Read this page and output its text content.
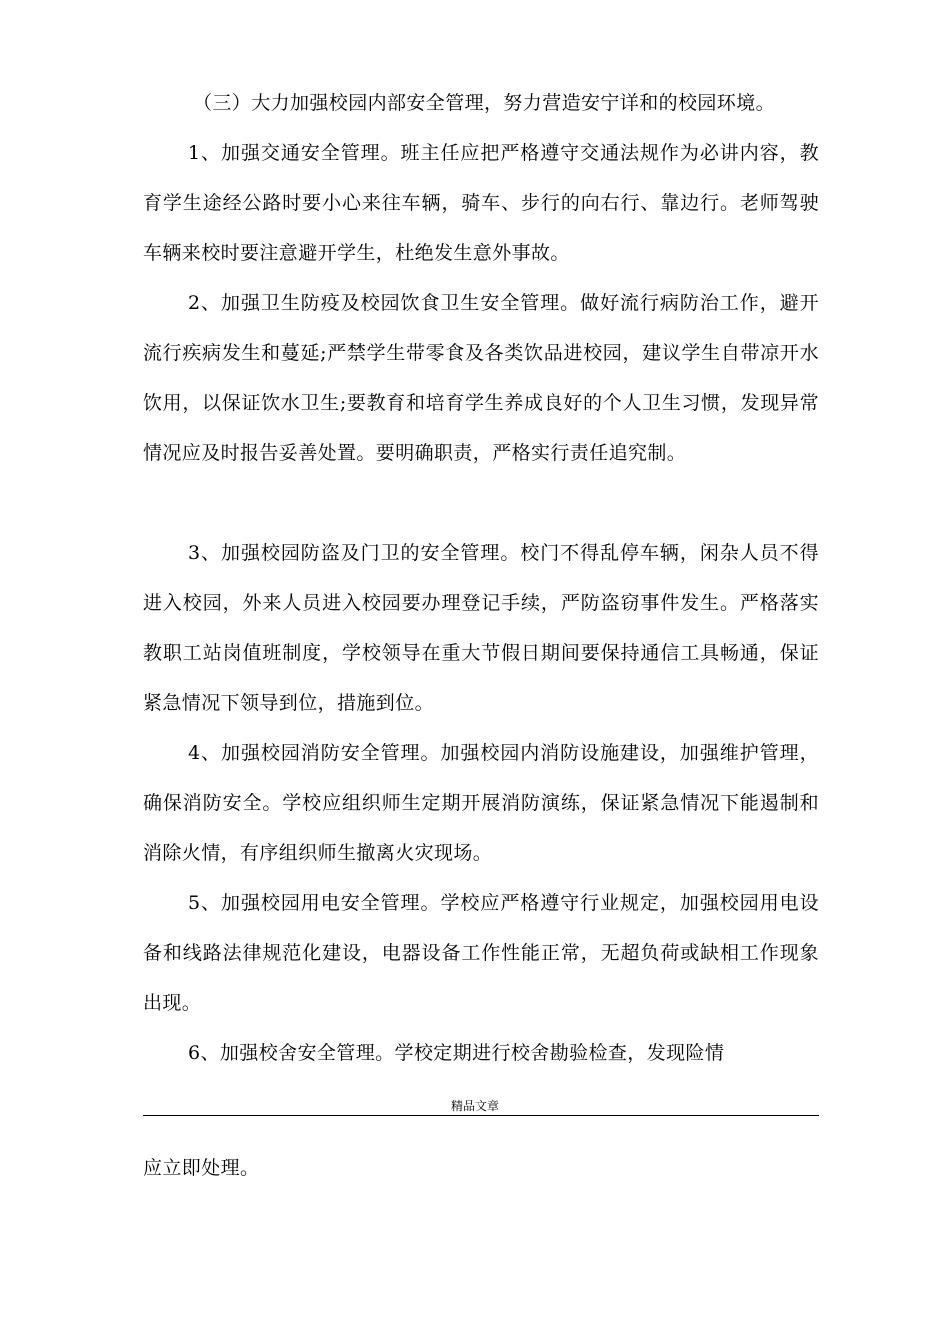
（三）大力加强校园内部安全管理，努力营造安宁详和的校园环境。

1、加强交通安全管理。班主任应把严格遵守交通法规作为必讲内容，教育学生途经公路时要小心来往车辆，骑车、步行的向右行、靠边行。老师驾驶车辆来校时要注意避开学生，杜绝发生意外事故。

2、加强卫生防疫及校园饮食卫生安全管理。做好流行病防治工作，避开流行疾病发生和蔓延;严禁学生带零食及各类饮品进校园，建议学生自带凉开水饮用，以保证饮水卫生;要教育和培育学生养成良好的个人卫生习惯，发现异常情况应及时报告妥善处置。要明确职责，严格实行责任追究制。

3、加强校园防盗及门卫的安全管理。校门不得乱停车辆，闲杂人员不得进入校园，外来人员进入校园要办理登记手续，严防盗窃事件发生。严格落实教职工站岗值班制度，学校领导在重大节假日期间要保持通信工具畅通，保证紧急情况下领导到位，措施到位。

4、加强校园消防安全管理。加强校园内消防设施建设，加强维护管理，确保消防安全。学校应组织师生定期开展消防演练，保证紧急情况下能遏制和消除火情，有序组织师生撤离火灾现场。

5、加强校园用电安全管理。学校应严格遵守行业规定，加强校园用电设备和线路法律规范化建设，电器设备工作性能正常，无超负荷或缺相工作现象出现。

6、加强校舍安全管理。学校定期进行校舍勘验检查，发现险情

精品文章

应立即处理。
